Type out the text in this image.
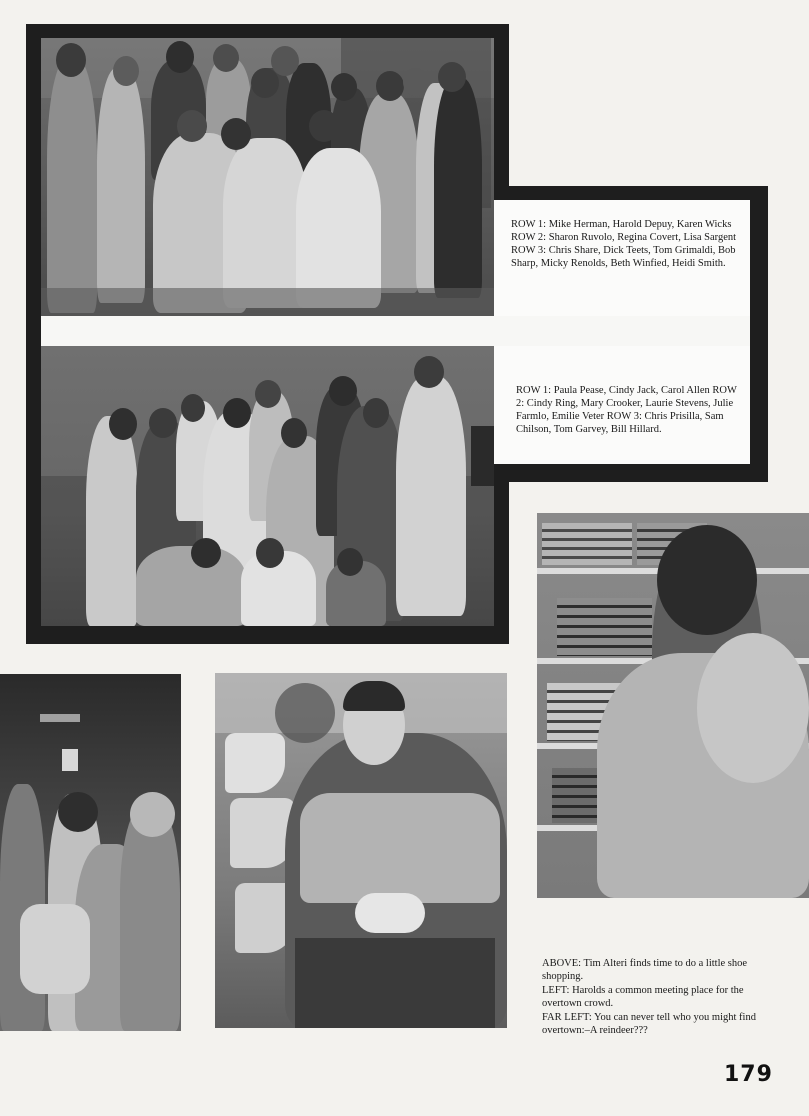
ROW 1: Mike Herman, Harold Depuy, Karen Wicks ROW 2: Sharon Ruvolo, Regina Covert, Lisa Sargent ROW 3: Chris Share, Dick Teets, Tom Grimaldi, Bob Sharp, Micky Renolds, Beth Winfied, Heidi Smith.
ROW 1: Paula Pease, Cindy Jack, Carol Allen ROW 2: Cindy Ring, Mary Crooker, Laurie Stevens, Julie Farmlo, Emilie Veter ROW 3: Chris Prisilla, Sam Chilson, Tom Garvey, Bill Hillard.
ABOVE: Tim Alteri finds time to do a little shoe shopping.
LEFT: Harolds a common meeting place for the overtown crowd.
FAR LEFT: You can never tell who you might find overtown:–A reindeer???
179
